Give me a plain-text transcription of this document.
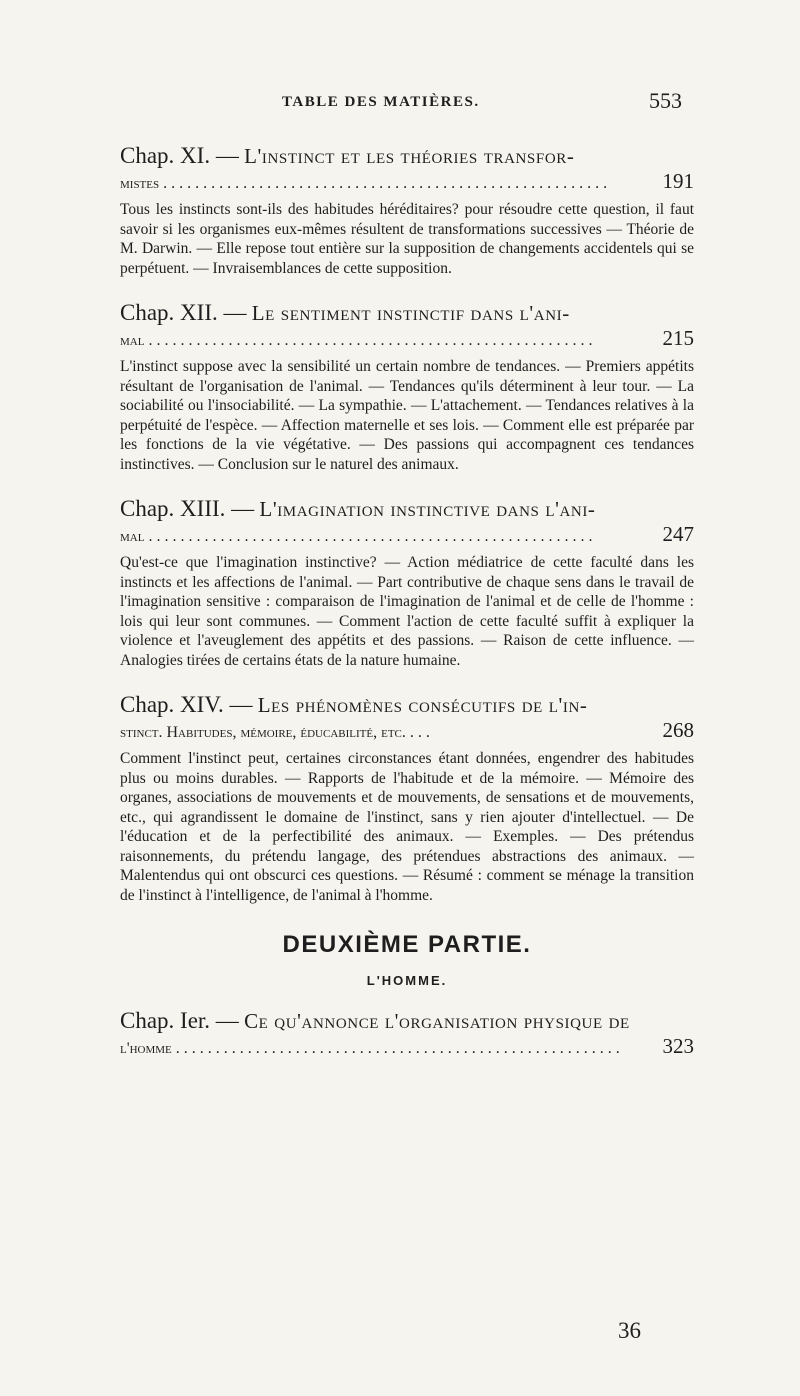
TABLE DES MATIÈRES.	553
Chap. XI. — L'instinct et les théories transfor-
mistes ........................................................	191
Tous les instincts sont-ils des habitudes héréditaires? pour résoudre cette question, il faut savoir si les organismes eux-mêmes résultent de transformations successives — Théorie de M. Darwin. — Elle repose tout entière sur la supposition de changements accidentels qui se perpétuent. — Invraisemblances de cette supposition.
Chap. XII. — Le sentiment instinctif dans l'ani-
mal ........................................................	215
L'instinct suppose avec la sensibilité un certain nombre de tendances. — Premiers appétits résultant de l'organisation de l'animal. — Tendances qu'ils déterminent à leur tour. — La sociabilité ou l'insociabilité. — La sympathie. — L'attachement. — Tendances relatives à la perpétuité de l'espèce. — Affection maternelle et ses lois. — Comment elle est préparée par les fonctions de la vie végétative. — Des passions qui accompagnent ces tendances instinctives. — Conclusion sur le naturel des animaux.
Chap. XIII. — L'imagination instinctive dans l'ani-
mal ........................................................	247
Qu'est-ce que l'imagination instinctive? — Action médiatrice de cette faculté dans les instincts et les affections de l'animal. — Part contributive de chaque sens dans le travail de l'imagination sensitive : comparaison de l'imagination de l'animal et de celle de l'homme : lois qui leur sont communes. — Comment l'action de cette faculté suffit à expliquer la violence et l'aveuglement des appétits et des passions. — Raison de cette influence. — Analogies tirées de certains états de la nature humaine.
Chap. XIV. — Les phénomènes consécutifs de l'in-
stinct. Habitudes, mémoire, éducabilité, etc. ...	268
Comment l'instinct peut, certaines circonstances étant données, engendrer des habitudes plus ou moins durables. — Rapports de l'habitude et de la mémoire. — Mémoire des organes, associations de mouvements et de mouvements, de sensations et de mouvements, etc., qui agrandissent le domaine de l'instinct, sans y rien ajouter d'intellectuel. — De l'éducation et de la perfectibilité des animaux. — Exemples. — Des prétendus raisonnements, du prétendu langage, des prétendues abstractions des animaux. — Malentendus qui ont obscurci ces questions. — Résumé : comment se ménage la transition de l'instinct à l'intelligence, de l'animal à l'homme.
DEUXIÈME PARTIE.
L'HOMME.
Chap. Ier. — Ce qu'annonce l'organisation physique de
l'homme ........................................................	323
36
